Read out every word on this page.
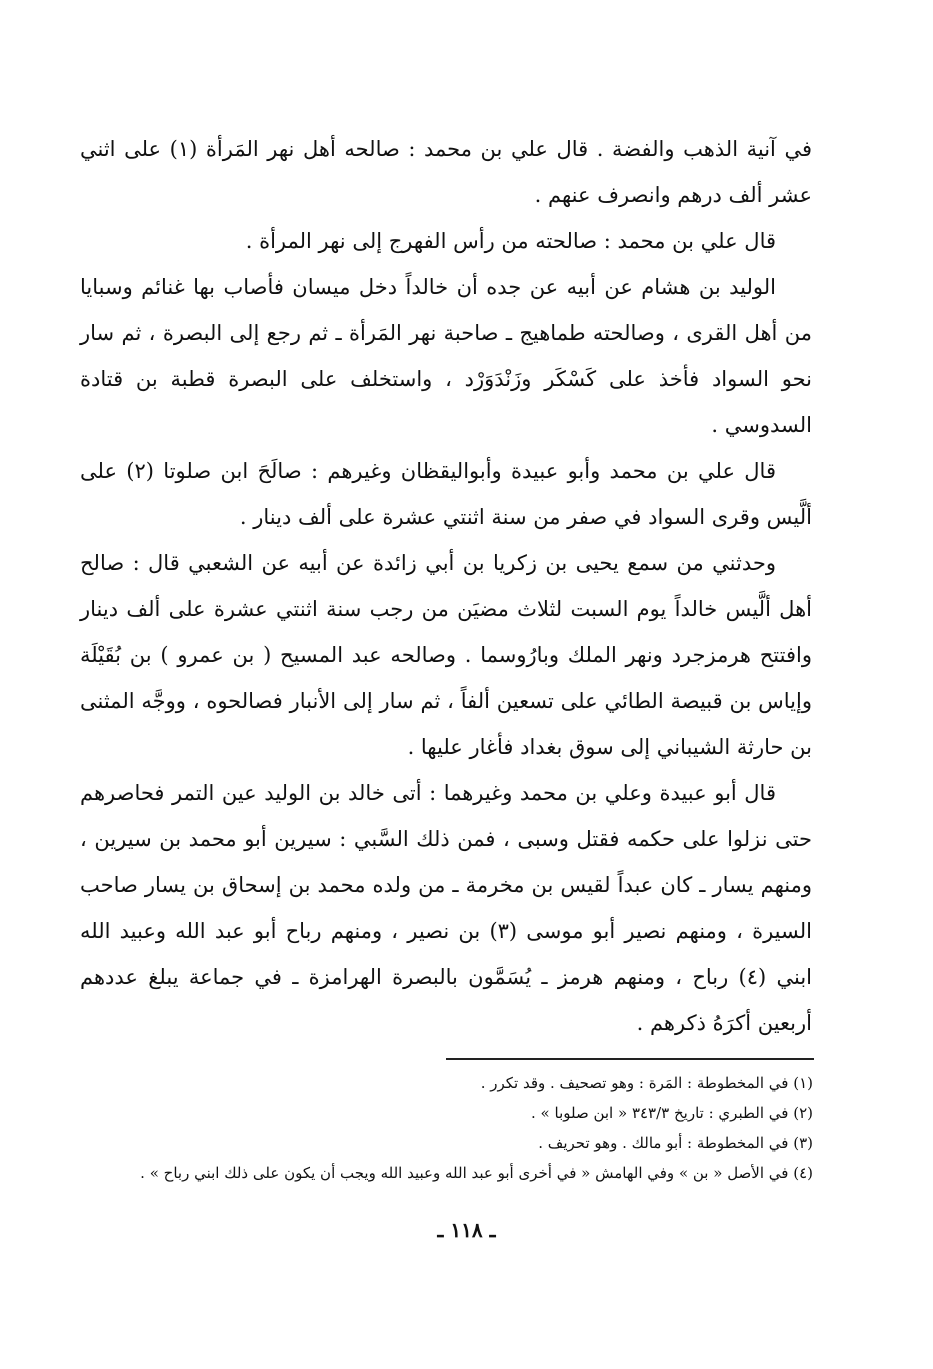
في آنية الذهب والفضة . قال علي بن محمد : صالحه أهل نهر المَرأة (١) على اثني عشر ألف درهم وانصرف عنهم .

قال علي بن محمد : صالحته من رأس الفهرج إلى نهر المرأة .

الوليد بن هشام عن أبيه عن جده أن خالداً دخل ميسان فأصاب بها غنائم وسبايا من أهل القرى ، وصالحته طماهيج ـ صاحبة نهر المَرأة ـ ثم رجع إلى البصرة ، ثم سار نحو السواد فأخذ على كَسْكَر وزَنْدَوَرْد ، واستخلف على البصرة قطبة بن قتادة السدوسي .

قال علي بن محمد وأبو عبيدة وأبواليقظان وغيرهم : صالَحَ ابن صلوتا (٢) على ألَّيس وقرى السواد في صفر من سنة اثنتي عشرة على ألف دينار .

وحدثني من سمع يحيى بن زكريا بن أبي زائدة عن أبيه عن الشعبي قال : صالح أهل ألَّيس خالداً يوم السبت لثلاث مضيَن من رجب سنة اثنتي عشرة على ألف دينار وافتتح هرمزجرد ونهر الملك وبارُوسما . وصالحه عبد المسيح ( بن عمرو ) بن بُقَيْلَة وإياس بن قبيصة الطائي على تسعين ألفاً ، ثم سار إلى الأنبار فصالحوه ، ووجَّه المثنى بن حارثة الشيباني إلى سوق بغداد فأغار عليها .

قال أبو عبيدة وعلي بن محمد وغيرهما : أتى خالد بن الوليد عين التمر فحاصرهم حتى نزلوا على حكمه فقتل وسبى ، فمن ذلك السَّبي : سيرين أبو محمد بن سيرين ، ومنهم يسار ـ كان عبداً لقيس بن مخرمة ـ من ولده محمد بن إسحاق بن يسار صاحب السيرة ، ومنهم نصير أبو موسى (٣) بن نصير ، ومنهم رباح أبو عبد الله وعبيد الله ابني (٤) رباح ، ومنهم هرمز ـ يُسَمَّون بالبصرة الهرامزة ـ في جماعة يبلغ عددهم أربعين أكرَهُ ذكرهم .

(١) في المخطوطة : المَرة : وهو تصحيف . وقد تكرر .

(٢) في الطبري : تاريخ ٣٤٣/٣ « ابن صلوبا » .

(٣) في المخطوطة : أبو مالك . وهو تحريف .

(٤) في الأصل « بن » وفي الهامش « في أخرى أبو عبد الله وعبيد الله ويجب أن يكون على ذلك ابني رباح » .

ـ ١١٨ ـ
